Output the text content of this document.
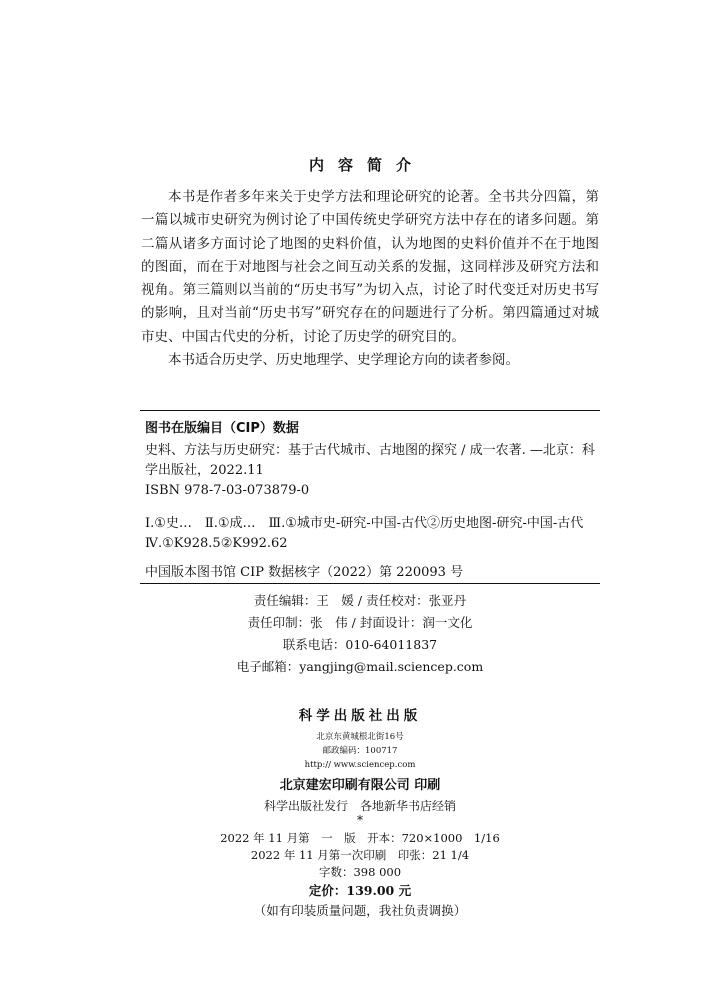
内容简介

本书是作者多年来关于史学方法和理论研究的论著。全书共分四篇，第一篇以城市史研究为例讨论了中国传统史学研究方法中存在的诸多问题。第二篇从诸多方面讨论了地图的史料价值，认为地图的史料价值并不在于地图的图面，而在于对地图与社会之间互动关系的发掘，这同样涉及研究方法和视角。第三篇则以当前的“历史书写”为切入点，讨论了时代变迁对历史书写的影响，且对当前“历史书写”研究存在的问题进行了分析。第四篇通过对城市史、中国古代史的分析，讨论了历史学的研究目的。

本书适合历史学、历史地理学、史学理论方向的读者参阅。

图书在版编目（CIP）数据

史料、方法与历史研究：基于古代城市、古地图的探究 / 成一农著. —北京：科学出版社，2022.11

ISBN 978-7-03-073879-0

Ⅰ.①史…　Ⅱ.①成…　Ⅲ.①城市史-研究-中国-古代②历史地图-研究-中国-古代　Ⅳ.①K928.5②K992.62

中国版本图书馆 CIP 数据核字（2022）第 220093 号
责任编辑：王　媛 / 责任校对：张亚丹
责任印制：张　伟 / 封面设计：润一文化
联系电话：010-64011837
电子邮箱：yangjing@mail.sciencep.com
科学出版社出版
北京东黄城根北街16号
邮政编码：100717
http:// www.sciencep.com
北京建宏印刷有限公司 印刷
科学出版社发行　各地新华书店经销
*
2022 年 11 月第　一　版　开本：720×1000　1/16
2022 年 11 月第一次印刷　印张：21 1/4
字数：398 000
定价：139.00 元
（如有印装质量问题，我社负责调换）
